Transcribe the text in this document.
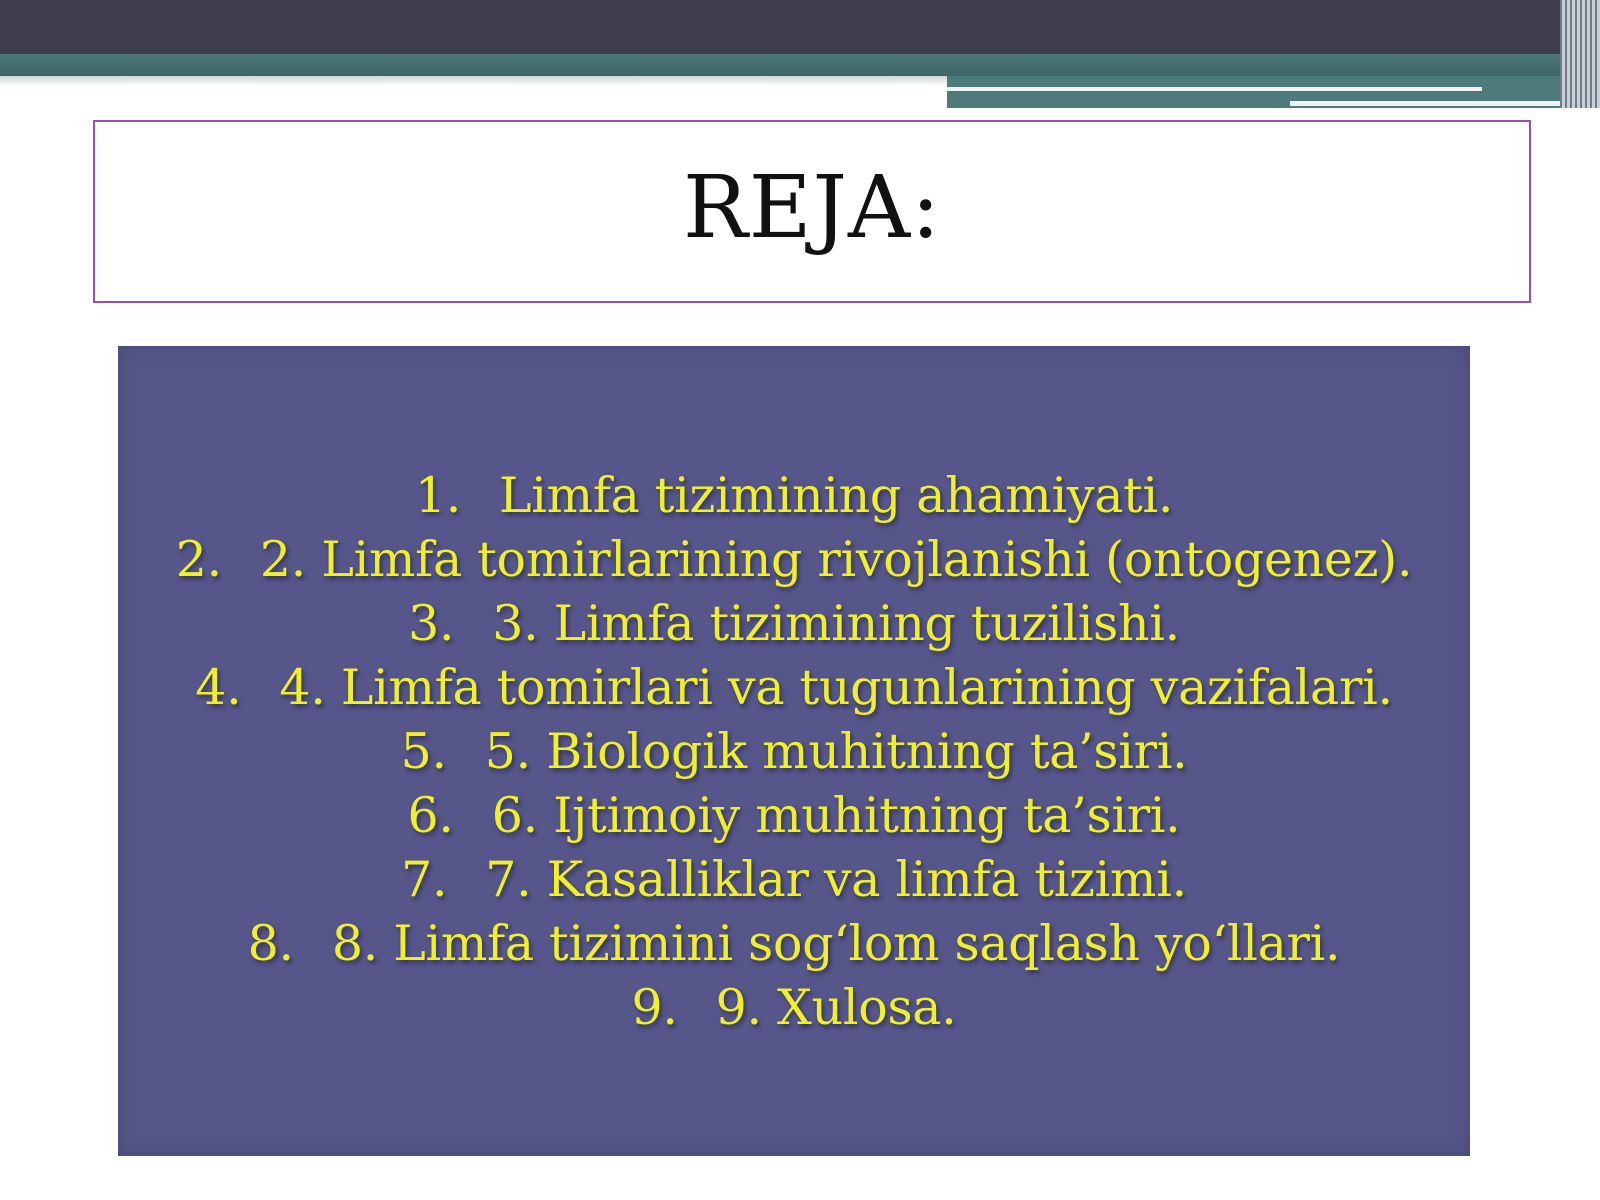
REJA:
1. Limfa tizimining ahamiyati.
2. 2. Limfa tomirlarining rivojlanishi (ontogenez).
3. 3. Limfa tizimining tuzilishi.
4. 4. Limfa tomirlari va tugunlarining vazifalari.
5. 5. Biologik muhitning ta’siri.
6. 6. Ijtimoiy muhitning ta’siri.
7. 7. Kasalliklar va limfa tizimi.
8. 8. Limfa tizimini sog‘lom saqlash yo‘llari.
9. 9. Xulosa.
